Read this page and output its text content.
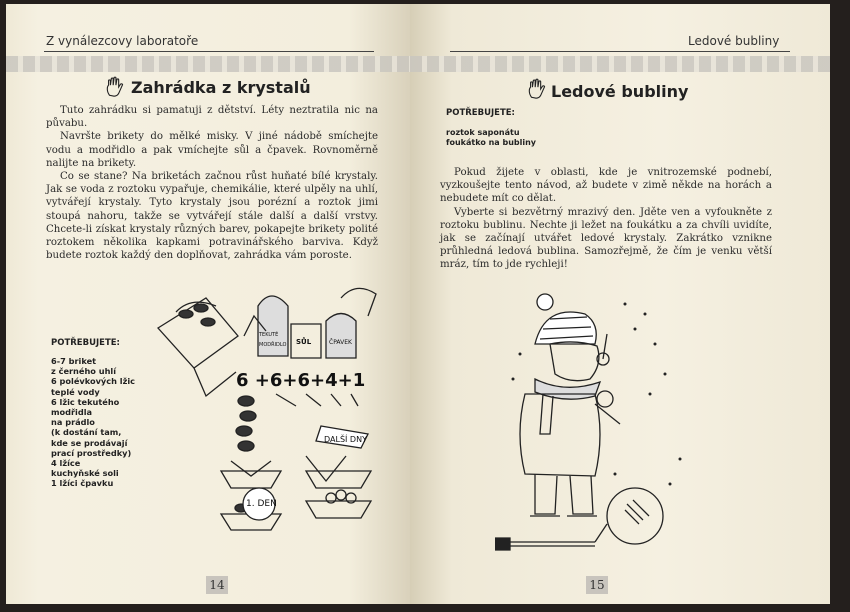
Z vynálezcovy laboratoře
Zahrádka z krystalů

Tuto zahrádku si pamatuji z dětství. Léty neztratila nic na půvabu.

Navršte brikety do mělké misky. V jiné nádobě smíchejte vodu a modřidlo a pak vmíchejte sůl a čpavek. Rovnoměrně nalijte na brikety.

Co se stane? Na briketách začnou růst huňaté bílé krystaly. Jak se voda z roztoku vypařuje, chemikálie, které ulpěly na uhlí, vytvářejí krystaly. Tyto krystaly jsou porézní a roztok jimi stoupá nahoru, takže se vytvářejí stále další a další vrstvy. Chcete-li získat krystaly různých barev, pokapejte brikety polité roztokem několika kapkami potravinářského barviva. Když budete roztok každý den doplňovat, zahrádka vám poroste.

POTŘEBUJETE:
6-7 briket
z černého uhlí
6 polévkových lžic
teplé vody
6 lžic tekutého
modřidla
na prádlo
(k dostání tam,
kde se prodávají
prací prostředky)
4 lžíce
kuchyňské soli
1 lžíci čpavku
6 +6+6+4+1
DALŠÍ DNY
1. DEN
TEKUTÉ
MODŘIDLO SŮL	ČPAVEK
14
Ledové bubliny
Ledové bubliny
POTŘEBUJETE:
roztok saponátu
foukátko na bubliny

Pokud žijete v oblasti, kde je vnitrozemské podnebí, vyzkoušejte tento návod, až budete v zimě někde na horách a nebudete mít co dělat.

Vyberte si bezvětrný mrazivý den. Jděte ven a vyfoukněte z roztoku bublinu. Nechte ji ležet na foukátku a za chvíli uvidíte, jak se začínají utvářet ledové krystaly. Zakrátko vznikne průhledná ledová bublina. Samozřejmě, že čím je venku větší mráz, tím to jde rychleji!

15
